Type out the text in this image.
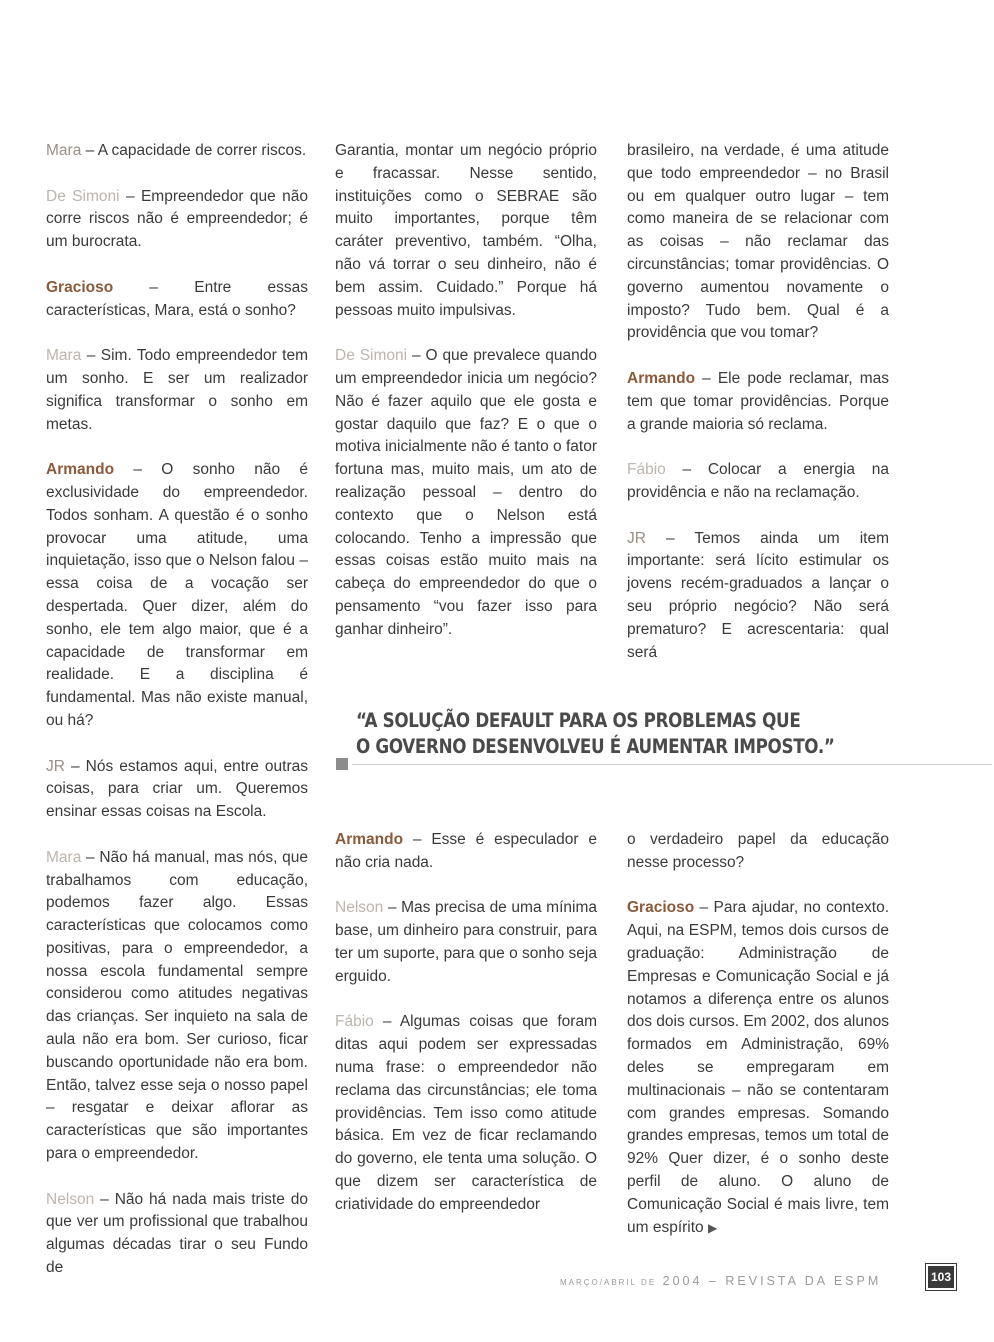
Mara – A capacidade de correr riscos.

De Simoni – Empreendedor que não corre riscos não é empreendedor; é um burocrata.

Gracioso – Entre essas características, Mara, está o sonho?

Mara – Sim. Todo empreendedor tem um sonho. E ser um realizador significa transformar o sonho em metas.

Armando – O sonho não é exclusividade do empreendedor. Todos sonham. A questão é o sonho provocar uma atitude, uma inquietação, isso que o Nelson falou – essa coisa de a vocação ser despertada. Quer dizer, além do sonho, ele tem algo maior, que é a capacidade de transformar em realidade. E a disciplina é fundamental. Mas não existe manual, ou há?

JR – Nós estamos aqui, entre outras coisas, para criar um. Queremos ensinar essas coisas na Escola.

Mara – Não há manual, mas nós, que trabalhamos com educação, podemos fazer algo. Essas características que colocamos como positivas, para o empreendedor, a nossa escola fundamental sempre considerou como atitudes negativas das crianças. Ser inquieto na sala de aula não era bom. Ser curioso, ficar buscando oportunidade não era bom. Então, talvez esse seja o nosso papel – resgatar e deixar aflorar as características que são importantes para o empreendedor.

Nelson – Não há nada mais triste do que ver um profissional que trabalhou algumas décadas tirar o seu Fundo de

Garantia, montar um negócio próprio e fracassar. Nesse sentido, instituições como o SEBRAE são muito importantes, porque têm caráter preventivo, também. “Olha, não vá torrar o seu dinheiro, não é bem assim. Cuidado.” Porque há pessoas muito impulsivas.

De Simoni – O que prevalece quando um empreendedor inicia um negócio? Não é fazer aquilo que ele gosta e gostar daquilo que faz? E o que o motiva inicialmente não é tanto o fator fortuna mas, muito mais, um ato de realização pessoal – dentro do contexto que o Nelson está colocando. Tenho a impressão que essas coisas estão muito mais na cabeça do empreendedor do que o pensamento “vou fazer isso para ganhar dinheiro”.

brasileiro, na verdade, é uma atitude que todo empreendedor – no Brasil ou em qualquer outro lugar – tem como maneira de se relacionar com as coisas – não reclamar das circunstâncias; tomar providências. O governo aumentou novamente o imposto? Tudo bem. Qual é a providência que vou tomar?

Armando – Ele pode reclamar, mas tem que tomar providências. Porque a grande maioria só reclama.

Fábio – Colocar a energia na providência e não na reclamação.

JR – Temos ainda um item importante: será lícito estimular os jovens recém-graduados a lançar o seu próprio negócio? Não será prematuro? E acrescentaria: qual será

“A SOLUÇÃO DEFAULT PARA OS PROBLEMAS QUE
O GOVERNO DESENVOLVEU É AUMENTAR IMPOSTO.”

Armando – Esse é especulador e não cria nada.

Nelson – Mas precisa de uma mínima base, um dinheiro para construir, para ter um suporte, para que o sonho seja erguido.

Fábio – Algumas coisas que foram ditas aqui podem ser expressadas numa frase: o empreendedor não reclama das circunstâncias; ele toma providências. Tem isso como atitude básica. Em vez de ficar reclamando do governo, ele tenta uma solução. O que dizem ser característica de criatividade do empreendedor

o verdadeiro papel da educação nesse processo?

Gracioso – Para ajudar, no contexto. Aqui, na ESPM, temos dois cursos de graduação: Administração de Empresas e Comunicação Social e já notamos a diferença entre os alunos dos dois cursos. Em 2002, dos alunos formados em Administração, 69% deles se empregaram em multinacionais – não se contentaram com grandes empresas. Somando grandes empresas, temos um total de 92% Quer dizer, é o sonho deste perfil de aluno. O aluno de Comunicação Social é mais livre, tem um espírito ▶

MARÇO/ABRIL DE 2004 – REVISTA DA ESPM	103
